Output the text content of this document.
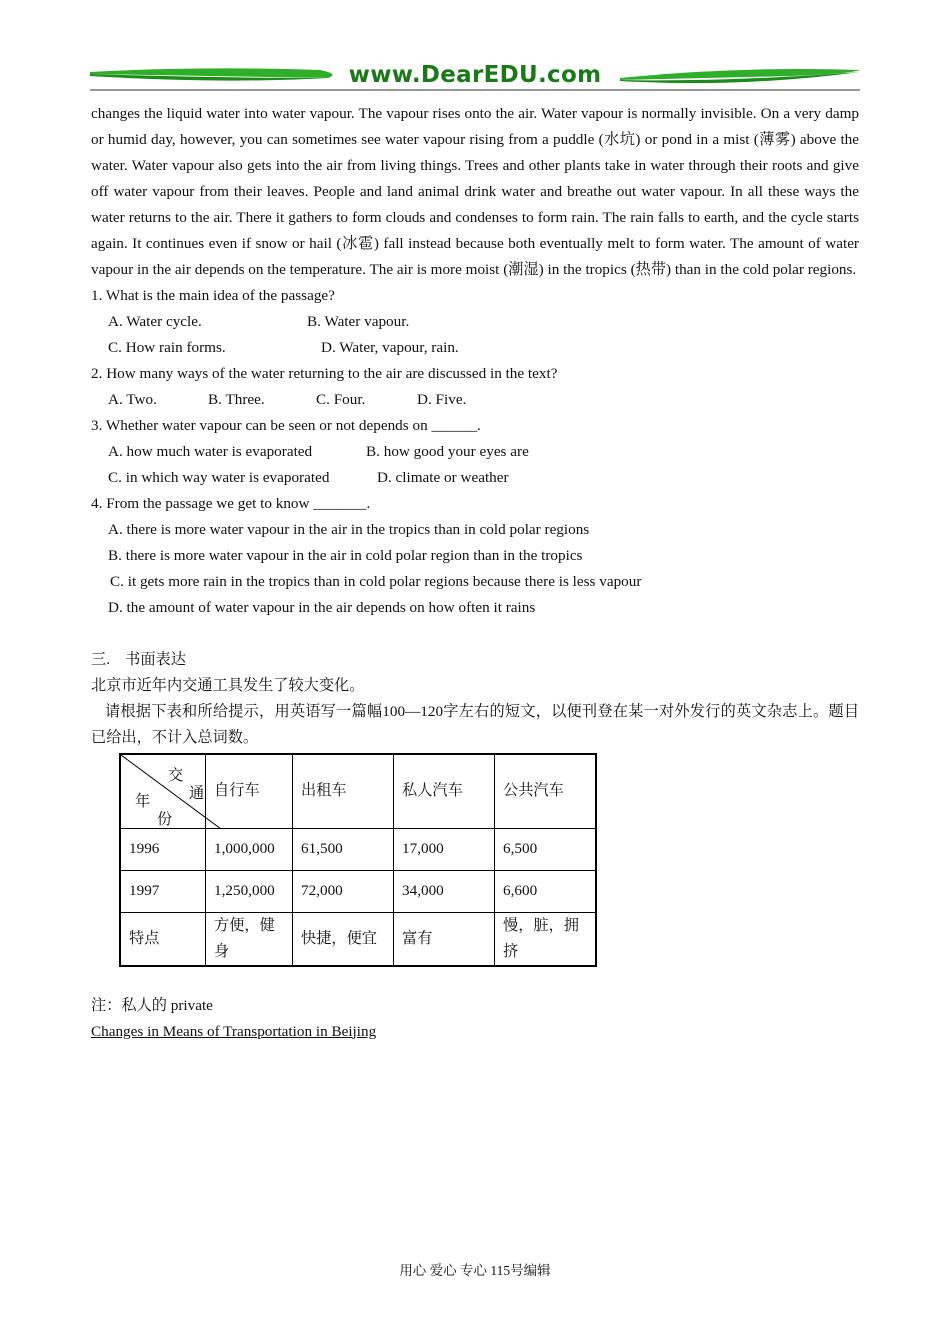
www.DearEDU.com

changes the liquid water into water vapour. The vapour rises onto the air. Water vapour is normally invisible. On a very damp or humid day, however, you can sometimes see water vapour rising from a puddle (水坑) or pond in a mist (薄雾) above the water. Water vapour also gets into the air from living things. Trees and other plants take in water through their roots and give off water vapour from their leaves. People and land animal drink water and breathe out water vapour. In all these ways the water returns to the air. There it gathers to form clouds and condenses to form rain. The rain falls to earth, and the cycle starts again. It continues even if snow or hail (冰雹) fall instead because both eventually melt to form water. The amount of water vapour in the air depends on the temperature. The air is more moist (潮湿) in the tropics (热带) than in the cold polar regions.

1. What is the main idea of the passage?

A. Water cycle.	B. Water vapour.

C. How rain forms.	D. Water, vapour, rain.

2. How many ways of the water returning to the air are discussed in the text?

A. Two.	B. Three.	C. Four.	D. Five.

3. Whether water vapour can be seen or not depends on ______.

A. how much water is evaporated	B. how good your eyes are

C. in which way water is evaporated	D. climate or weather

4. From the passage we get to know _______.

A. there is more water vapour in the air in the tropics than in cold polar regions

B. there is more water vapour in the air in cold polar region than in the tropics

C. it gets more rain in the tropics than in cold polar regions because there is less vapour

D. the amount of water vapour in the air depends on how often it rains

三.　书面表达

北京市近年内交通工具发生了较大变化。

请根据下表和所给提示，用英语写一篇幅100—120字左右的短文，以便刊登在某一对外发行的英文杂志上。题目已给出，不计入总词数。

交
通
年
份	自行车	出租车	私人汽车	公共汽车
1996	1,000,000	61,500	17,000	6,500
1997	1,250,000	72,000	34,000	6,600
特点	方便，健身	快捷，便宜	富有	慢，脏，拥挤

注：私人的 private

Changes in Means of Transportation in Beijing

用心 爱心 专心 115号编辑
